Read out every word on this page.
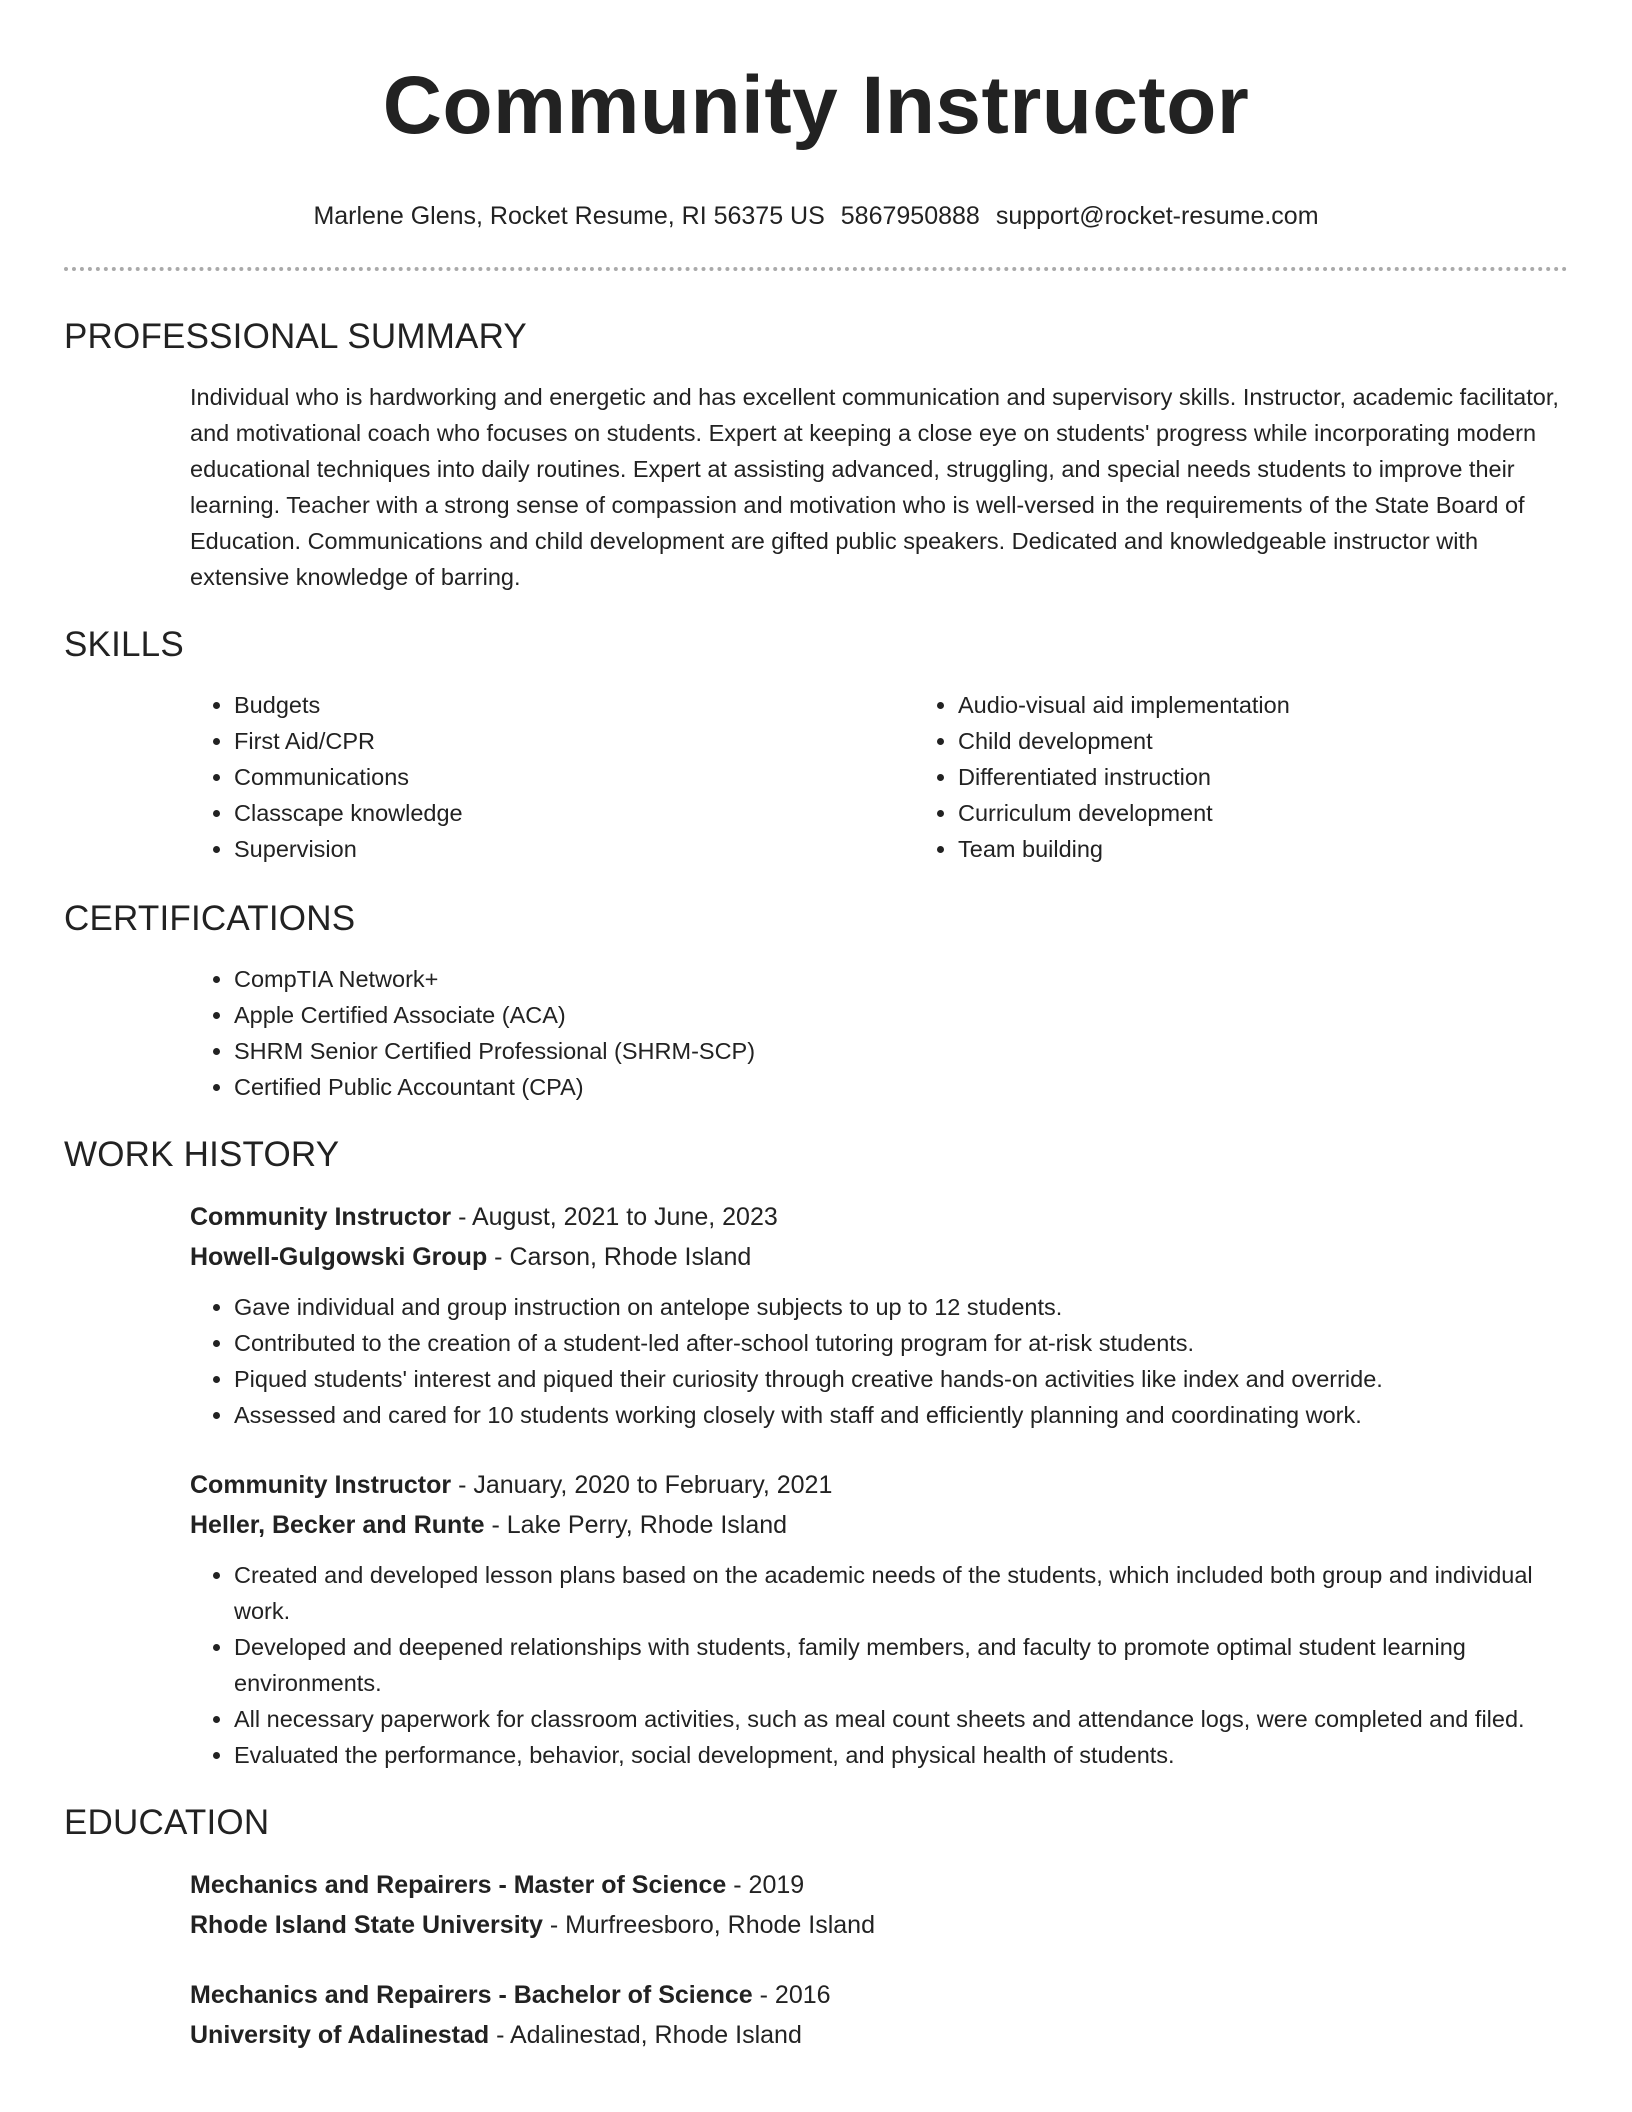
Community Instructor
Marlene Glens, Rocket Resume, RI 56375 US 5867950888 support@rocket-resume.com
PROFESSIONAL SUMMARY

Individual who is hardworking and energetic and has excellent communication and supervisory skills. Instructor, academic facilitator, and motivational coach who focuses on students. Expert at keeping a close eye on students' progress while incorporating modern educational techniques into daily routines. Expert at assisting advanced, struggling, and special needs students to improve their learning. Teacher with a strong sense of compassion and motivation who is well-versed in the requirements of the State Board of Education. Communications and child development are gifted public speakers. Dedicated and knowledgeable instructor with extensive knowledge of barring.

SKILLS
• Budgets
• First Aid/CPR
• Communications
• Classcape knowledge
• Supervision
• Audio-visual aid implementation
• Child development
• Differentiated instruction
• Curriculum development
• Team building
CERTIFICATIONS
• CompTIA Network+
• Apple Certified Associate (ACA)
• SHRM Senior Certified Professional (SHRM-SCP)
• Certified Public Accountant (CPA)
WORK HISTORY
Community Instructor - August, 2021 to June, 2023
Howell-Gulgowski Group - Carson, Rhode Island
• Gave individual and group instruction on antelope subjects to up to 12 students.
• Contributed to the creation of a student-led after-school tutoring program for at-risk students.
• Piqued students' interest and piqued their curiosity through creative hands-on activities like index and override.
• Assessed and cared for 10 students working closely with staff and efficiently planning and coordinating work.
Community Instructor - January, 2020 to February, 2021
Heller, Becker and Runte - Lake Perry, Rhode Island
• Created and developed lesson plans based on the academic needs of the students, which included both group and individual work.
• Developed and deepened relationships with students, family members, and faculty to promote optimal student learning environments.
• All necessary paperwork for classroom activities, such as meal count sheets and attendance logs, were completed and filed.
• Evaluated the performance, behavior, social development, and physical health of students.
EDUCATION
Mechanics and Repairers - Master of Science - 2019
Rhode Island State University - Murfreesboro, Rhode Island
Mechanics and Repairers - Bachelor of Science - 2016
University of Adalinestad - Adalinestad, Rhode Island
